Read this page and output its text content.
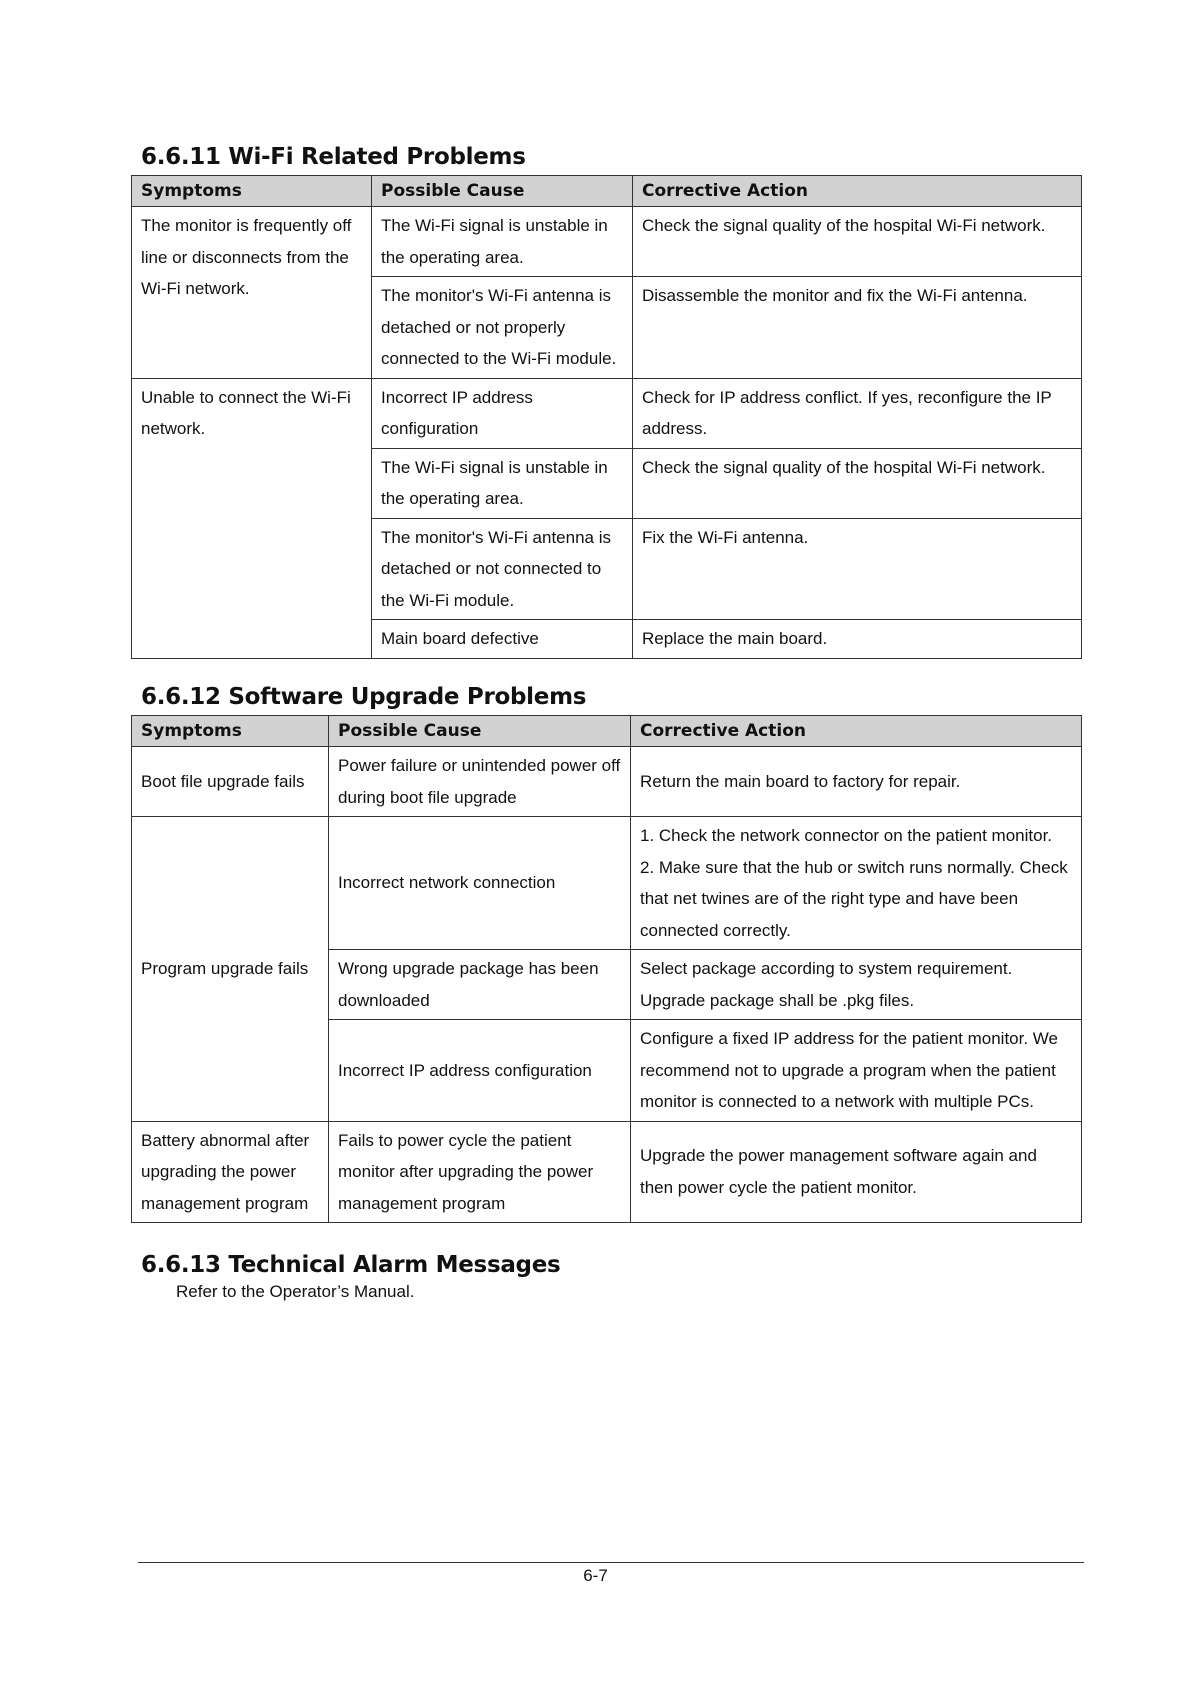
6.6.11 Wi-Fi Related Problems
Symptoms	Possible Cause	Corrective Action
The monitor is frequently off line or disconnects from the Wi-Fi network.	The Wi-Fi signal is unstable in the operating area.	Check the signal quality of the hospital Wi-Fi network.
	The monitor's Wi-Fi antenna is detached or not properly connected to the Wi-Fi module.	Disassemble the monitor and fix the Wi-Fi antenna.
Unable to connect the Wi-Fi network.	Incorrect IP address configuration	Check for IP address conflict. If yes, reconfigure the IP address.
	The Wi-Fi signal is unstable in the operating area.	Check the signal quality of the hospital Wi-Fi network.
	The monitor's Wi-Fi antenna is detached or not connected to the Wi-Fi module.	Fix the Wi-Fi antenna.
	Main board defective	Replace the main board.
6.6.12 Software Upgrade Problems
Symptoms	Possible Cause	Corrective Action
Boot file upgrade fails	Power failure or unintended power off during boot file upgrade	Return the main board to factory for repair.
Program upgrade fails	Incorrect network connection	1. Check the network connector on the patient monitor.
2. Make sure that the hub or switch runs normally. Check that net twines are of the right type and have been connected correctly.

	Wrong upgrade package has been downloaded	Select package according to system requirement.
Upgrade package shall be .pkg files.

	Incorrect IP address configuration	Configure a fixed IP address for the patient monitor. We recommend not to upgrade a program when the patient monitor is connected to a network with multiple PCs.
Battery abnormal after upgrading the power management program	Fails to power cycle the patient monitor after upgrading the power management program	Upgrade the power management software again and then power cycle the patient monitor.
6.6.13 Technical Alarm Messages

Refer to the Operator’s Manual.

6-7
